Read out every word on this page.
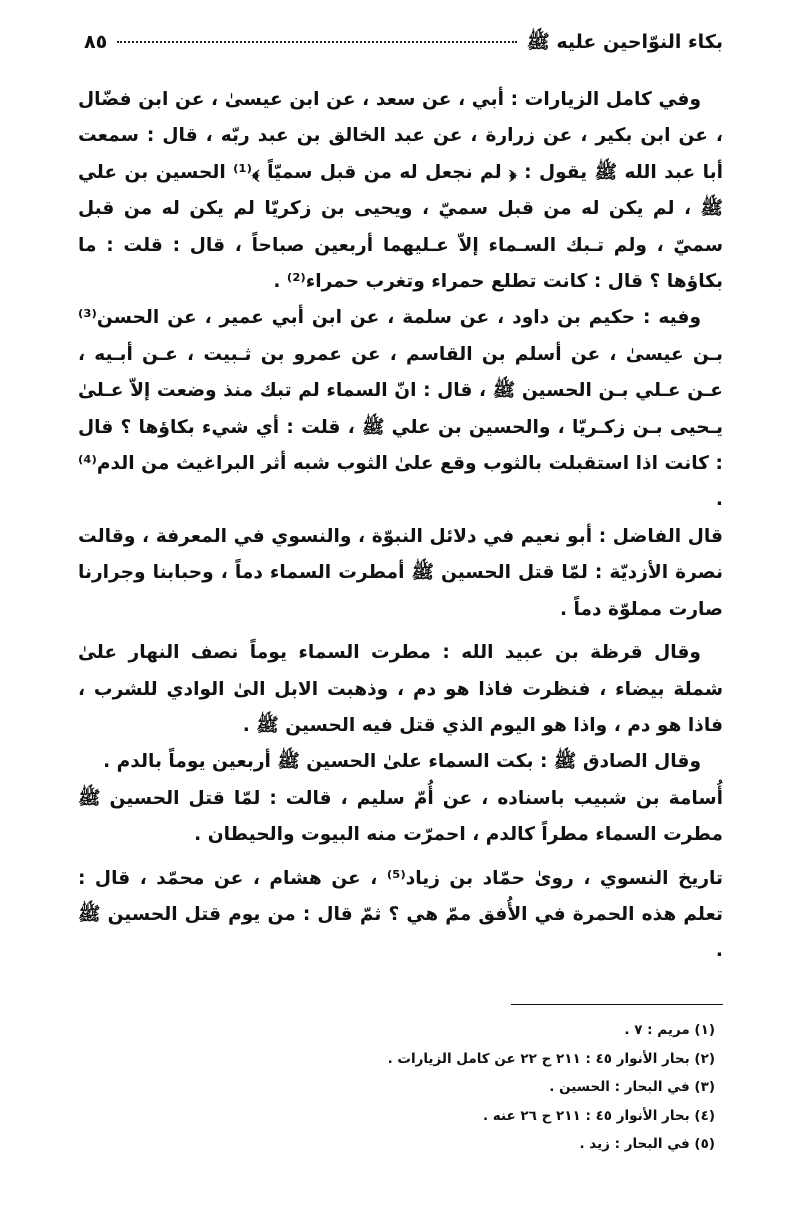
بكاء النوّاحين عليه ﷺ
٨٥

وفي كامل الزيارات : أبي ، عن سعد ، عن ابن عيسىٰ ، عن ابن فضّال ، عن ابن بكير ، عن زرارة ، عن عبد الخالق بن عبد ربّه ، قال : سمعت أبا عبد الله ﷺ يقول : ﴿ لم نجعل له من قبل سميّاً ﴾⁽¹⁾ الحسين بن علي ﷺ ، لم يكن له من قبل سميّ ، ويحيى بن زكريّا لم يكن له من قبل سميّ ، ولم تـبك السـماء إلاّ عـليهما أربعين صباحاً ، قال : قلت : ما بكاؤها ؟ قال : كانت تطلع حمراء وتغرب حمراء⁽²⁾ .

وفيه : حكيم بن داود ، عن سلمة ، عن ابن أبي عمير ، عن الحسن⁽³⁾ بـن عيسىٰ ، عن أسلم بن القاسم ، عن عمرو بن ثـبيت ، عـن أبـيه ، عـن عـلي بـن الحسين ﷺ ، قال : انّ السماء لم تبك منذ وضعت إلاّ عـلىٰ يـحيى بـن زكـريّا ، والحسين بن علي ﷺ ، قلت : أي شيء بكاؤها ؟ قال : كانت اذا استقبلت بالثوب وقع علىٰ الثوب شبه أثر البراغيث من الدم⁽⁴⁾ .

قال الفاضل : أبو نعيم في دلائل النبوّة ، والنسوي في المعرفة ، وقالت نصرة الأزديّة : لمّا قتل الحسين ﷺ أمطرت السماء دماً ، وحبابنا وجرارنا صارت مملوّة دماً .

وقال قرظة بن عبيد الله : مطرت السماء يوماً نصف النهار علىٰ شملة بيضاء ، فنظرت فاذا هو دم ، وذهبت الابل الىٰ الوادي للشرب ، فاذا هو دم ، واذا هو اليوم الذي قتل فيه الحسين ﷺ .

وقال الصادق ﷺ : بكت السماء علىٰ الحسين ﷺ أربعين يوماً بالدم .

أُسامة بن شبيب باسناده ، عن أُمّ سليم ، قالت : لمّا قتل الحسين ﷺ مطرت السماء مطراً كالدم ، احمرّت منه البيوت والحيطان .

تاريخ النسوي ، روىٰ حمّاد بن زياد⁽⁵⁾ ، عن هشام ، عن محمّد ، قال : تعلم هذه الحمرة في الأُفق ممّ هي ؟ ثمّ قال : من يوم قتل الحسين ﷺ .

(١) مريم : ٧ .
(٢) بحار الأنوار ٤٥ : ٢١١ ح ٢٢ عن كامل الزيارات .
(٣) في البحار : الحسين .
(٤) بحار الأنوار ٤٥ : ٢١١ ح ٢٦ عنه .
(٥) في البحار : زيد .
